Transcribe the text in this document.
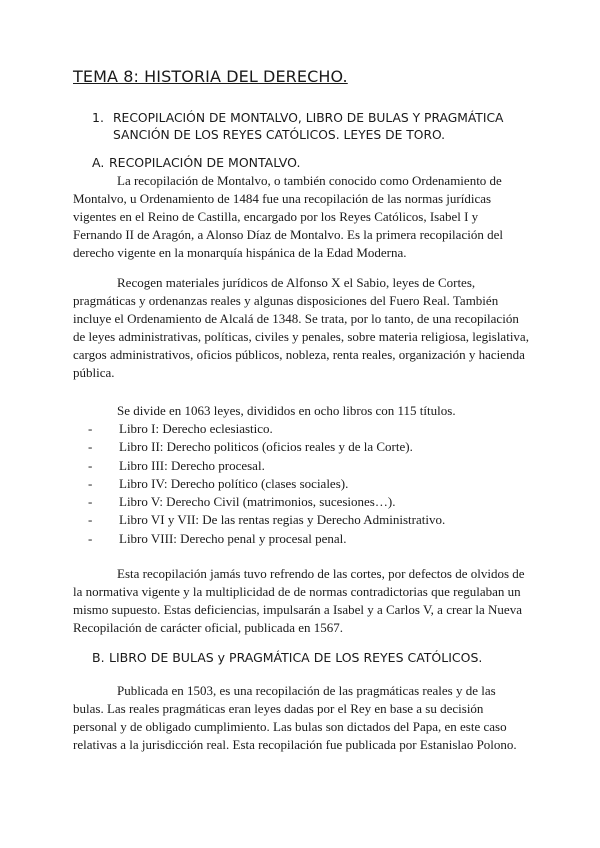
TEMA 8: HISTORIA DEL DERECHO.
1. RECOPILACIÓN DE MONTALVO, LIBRO DE BULAS Y PRAGMÁTICA SANCIÓN DE LOS REYES CATÓLICOS. LEYES DE TORO.
A. RECOPILACIÓN DE MONTALVO.
La recopilación de Montalvo, o también conocido como Ordenamiento de Montalvo, u Ordenamiento de 1484 fue una recopilación de las normas jurídicas vigentes en el Reino de Castilla, encargado por los Reyes Católicos, Isabel I y Fernando II de Aragón, a Alonso Díaz de Montalvo. Es la primera recopilación del derecho vigente en la monarquía hispánica de la Edad Moderna.
Recogen materiales jurídicos de Alfonso X el Sabio, leyes de Cortes, pragmáticas y ordenanzas reales y algunas disposiciones del Fuero Real. También incluye el Ordenamiento de Alcalá de 1348. Se trata, por lo tanto, de una recopilación de leyes administrativas, políticas, civiles y penales, sobre materia religiosa, legislativa, cargos administrativos, oficios públicos, nobleza, renta reales, organización y hacienda pública.
Se divide en 1063 leyes, divididos en ocho libros con 115 títulos.
- Libro I: Derecho eclesiastico.
- Libro II: Derecho politicos (oficios reales y de la Corte).
- Libro III: Derecho procesal.
- Libro IV: Derecho político (clases sociales).
- Libro V: Derecho Civil (matrimonios, sucesiones…).
- Libro VI y VII: De las rentas regias y Derecho Administrativo.
- Libro VIII: Derecho penal y procesal penal.
Esta recopilación jamás tuvo refrendo de las cortes, por defectos de olvidos de la normativa vigente y la multiplicidad de de normas contradictorias que regulaban un mismo supuesto. Estas deficiencias, impulsarán a Isabel y a Carlos V, a crear la Nueva Recopilación de carácter oficial, publicada en 1567.
B. LIBRO DE BULAS y PRAGMÁTICA DE LOS REYES CATÓLICOS.
Publicada en 1503, es una recopilación de las pragmáticas reales y de las bulas. Las reales pragmáticas eran leyes dadas por el Rey en base a su decisión personal y de obligado cumplimiento. Las bulas son dictados del Papa, en este caso relativas a la jurisdicción real. Esta recopilación fue publicada por Estanislao Polono.
